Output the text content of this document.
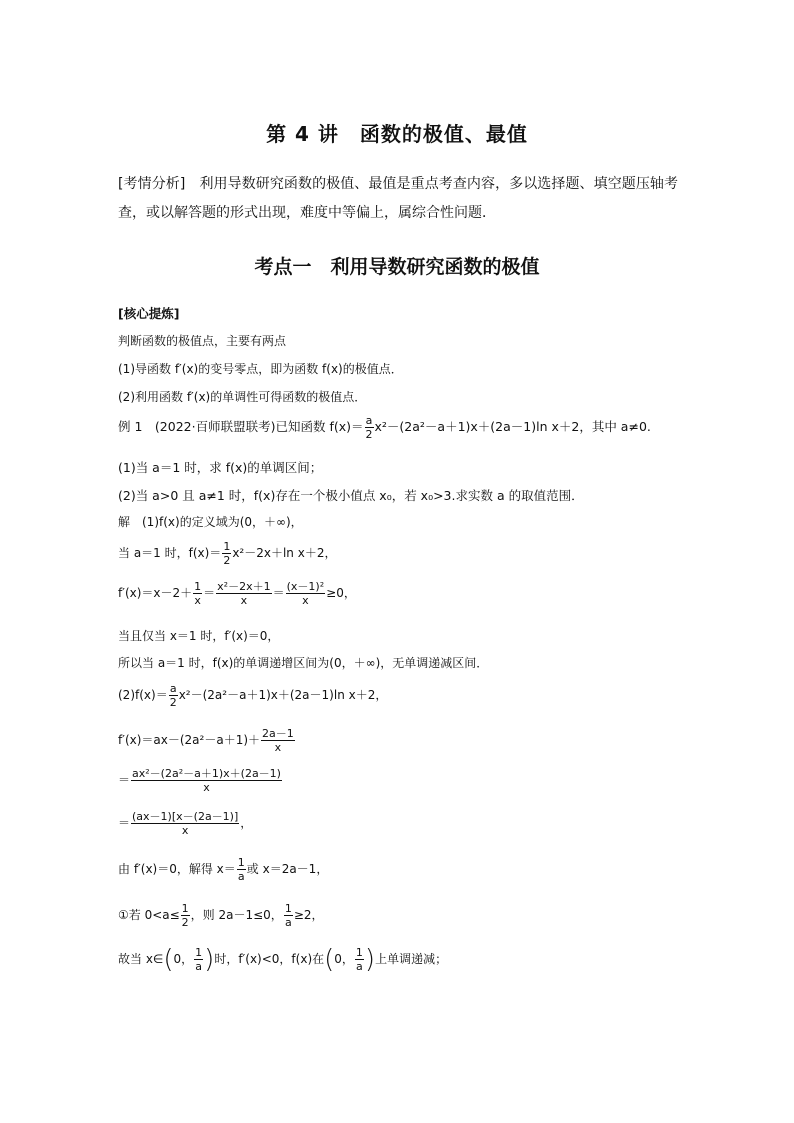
第 4 讲　函数的极值、最值
[考情分析]　利用导数研究函数的极值、最值是重点考查内容，多以选择题、填空题压轴考查，或以解答题的形式出现，难度中等偏上，属综合性问题．
考点一　利用导数研究函数的极值
[核心提炼]
判断函数的极值点，主要有两点
(1)导函数 f′(x)的变号零点，即为函数 f(x)的极值点．
(2)利用函数 f′(x)的单调性可得函数的极值点．
例 1　(2022·百师联盟联考)已知函数 $f(x)= \frac{a}{2} x^2-(2a^2-a+1)x+(2a-1)\ln$ x＋2，其中 a≠0.
(1)当 a＝1 时，求 f(x)的单调区间；
(2)当 a>0 且 a≠1 时，f(x)存在一个极小值点 x₀，若 x₀>3.求实数 a 的取值范围．
解　(1)f(x)的定义域为(0，＋∞)，
当 a＝1 时，$f(x)= \frac{1}{2} x^2-2x+\ln$ x＋2，
$f'(x)=x-2+ \frac{1}{x} = \frac{\text{x²－2x＋1}}{x} = \frac{\text{(x－1)²}}{x} \ge 0$，
当且仅当 x＝1 时，f′(x)＝0，
所以当 a＝1 时，f(x)的单调递增区间为(0，＋∞)，无单调递减区间．
$(2)f(x)= \frac{a}{2} x^2-(2a^2-a+1)x+(2a-1)\ln$ x＋2，
$f'(x)=ax-(2a^2-a+1)+ \frac{2a-1}{x}$
＝ $\frac{\text{ax²－(2a²－a＋1)x＋(2a－1)}}{x}$
＝ $\frac{(ax-1)[x-(2a-1)]}{x}$ ，
由 f′(x)＝0，解得 $x= \frac{1}{a}$ 或 x＝2a－1，
①若 $0<a\le \frac{1}{2}$ ，则 2a－1≤0， $\frac{1}{a} \ge 2$，
故当 x∈(0， $\frac{1}{a}$ )时，f′(x)<0，f(x)在(0， $\frac{1}{a}$ )上单调递减；
